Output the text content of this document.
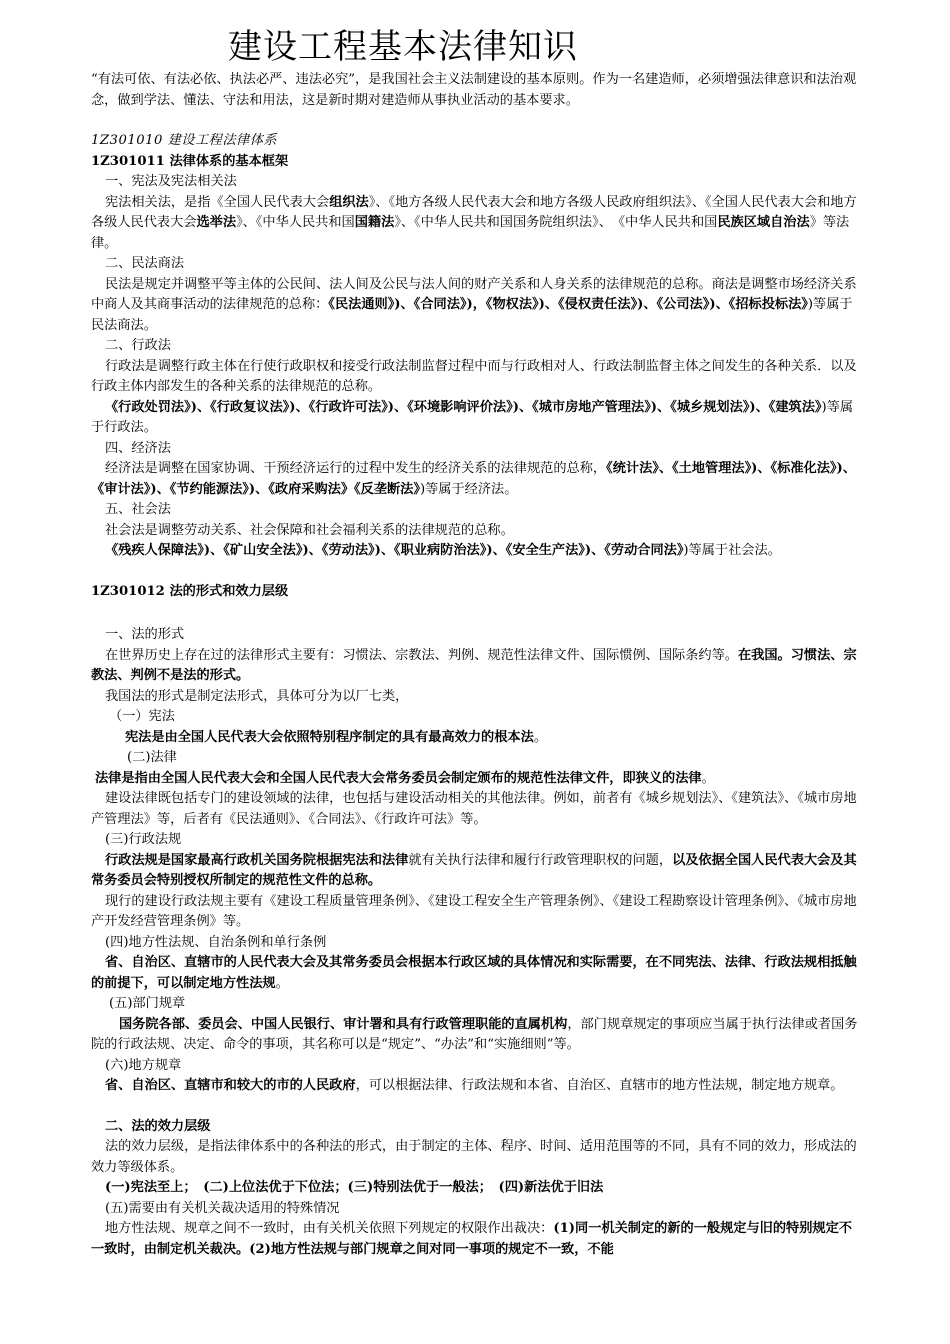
建设工程基本法律知识

“有法可依、有法必依、执法必严、违法必究”，是我国社会主义法制建设的基本原则。作为一名建造师，必须增强法律意识和法治观念，做到学法、懂法、守法和用法，这是新时期对建造师从事执业活动的基本要求。

1Z301010 建设工程法律体系

1Z301011 法律体系的基本框架

一、宪法及宪法相关法

宪法相关法，是指《全国人民代表大会组织法》、《地方各级人民代表大会和地方各级人民政府组织法》、《全国人民代表大会和地方各级人民代表大会选举法》、《中华人民共和国国籍法》、《中华人民共和国国务院组织法》、　《中华人民共和国民族区域自治法》等法律。

二、民法商法

民法是规定并调整平等主体的公民间、法人间及公民与法人间的财产关系和人身关系的法律规范的总称。商法是调整市场经济关系中商人及其商事活动的法律规范的总称：《民法通则》)、《合同法》)，《物权法》)、《侵权责任法》)、《公司法》)、《招标投标法》)等属于民法商法。

二、行政法

行政法是调整行政主体在行使行政职权和接受行政法制监督过程中而与行政相对人、行政法制监督主体之间发生的各种关系．以及行政主体内部发生的各种关系的法律规范的总称。

《行政处罚法》)、《行政复议法》)、《行政许可法》)、《环境影响评价法》)、《城市房地产管理法》)、《城乡规划法》)、《建筑法》)等属于行政法。

四、经济法

经济法是调整在国家协调、干预经济运行的过程中发生的经济关系的法律规范的总称，《统计法》、《土地管理法》)、《标准化法》)、《审计法》)、《节约能源法》)、《政府采购法》《反垄断法》)等属于经济法。

五、社会法

社会法是调整劳动关系、社会保障和社会福利关系的法律规范的总称。

《残疾人保障法》)、《矿山安全法》)、《劳动法》)、《职业病防治法》)、《安全生产法》)、《劳动合同法》)等属于社会法。

1Z301012 法的形式和效力层级

一、法的形式

在世界历史上存在过的法律形式主要有：习惯法、宗教法、判例、规范性法律文件、国际惯例、国际条约等。在我国。习惯法、宗教法、判例不是法的形式。

我国法的形式是制定法形式，具体可分为以厂七类，

（一）宪法

宪法是由全国人民代表大会依照特别程序制定的具有最高效力的根本法。

(二)法律

法律是指由全国人民代表大会和全国人民代表大会常务委员会制定颁布的规范性法律文件，即狭义的法律。

建设法律既包括专门的建设领域的法律，也包括与建设活动相关的其他法律。例如，前者有《城乡规划法》、《建筑法》、《城市房地产管理法》等，后者有《民法通则》、《合同法》、《行政许可法》等。

(三)行政法规

行政法规是国家最高行政机关国务院根据宪法和法律就有关执行法律和履行行政管理职权的问题，以及依据全国人民代表大会及其常务委员会特别授权所制定的规范性文件的总称。

现行的建设行政法规主要有《建设工程质量管理条例》、《建设工程安全生产管理条例》、《建设工程勘察设计管理条例》、《城市房地产开发经营管理条例》等。

(四)地方性法规、自治条例和单行条例

省、自治区、直辖市的人民代表大会及其常务委员会根据本行政区域的具体情况和实际需要，在不同宪法、法律、行政法规相抵触的前提下，可以制定地方性法规。

(五)部门规章

国务院各部、委员会、中国人民银行、审计署和具有行政管理职能的直属机构，部门规章规定的事项应当属于执行法律或者国务院的行政法规、决定、命令的事项，其名称可以是“规定”、“办法”和“实施细则”等。

(六)地方规章

省、自治区、直辖市和较大的市的人民政府，可以根据法律、行政法规和本省、自治区、直辖市的地方性法规，制定地方规章。

二、法的效力层级

法的效力层级，是指法律体系中的各种法的形式，由于制定的主体、程序、时间、适用范围等的不同，具有不同的效力，形成法的效力等级体系。

(一)宪法至上；　(二)上位法优于下位法；(三)特别法优于一般法；　(四)新法优于旧法

(五)需要由有关机关裁决适用的特殊情况

地方性法规、规章之间不一致时，由有关机关依照下列规定的权限作出裁决：(1)同一机关制定的新的一般规定与旧的特别规定不一致时，由制定机关裁决。(2)地方性法规与部门规章之间对同一事项的规定不一致，不能
